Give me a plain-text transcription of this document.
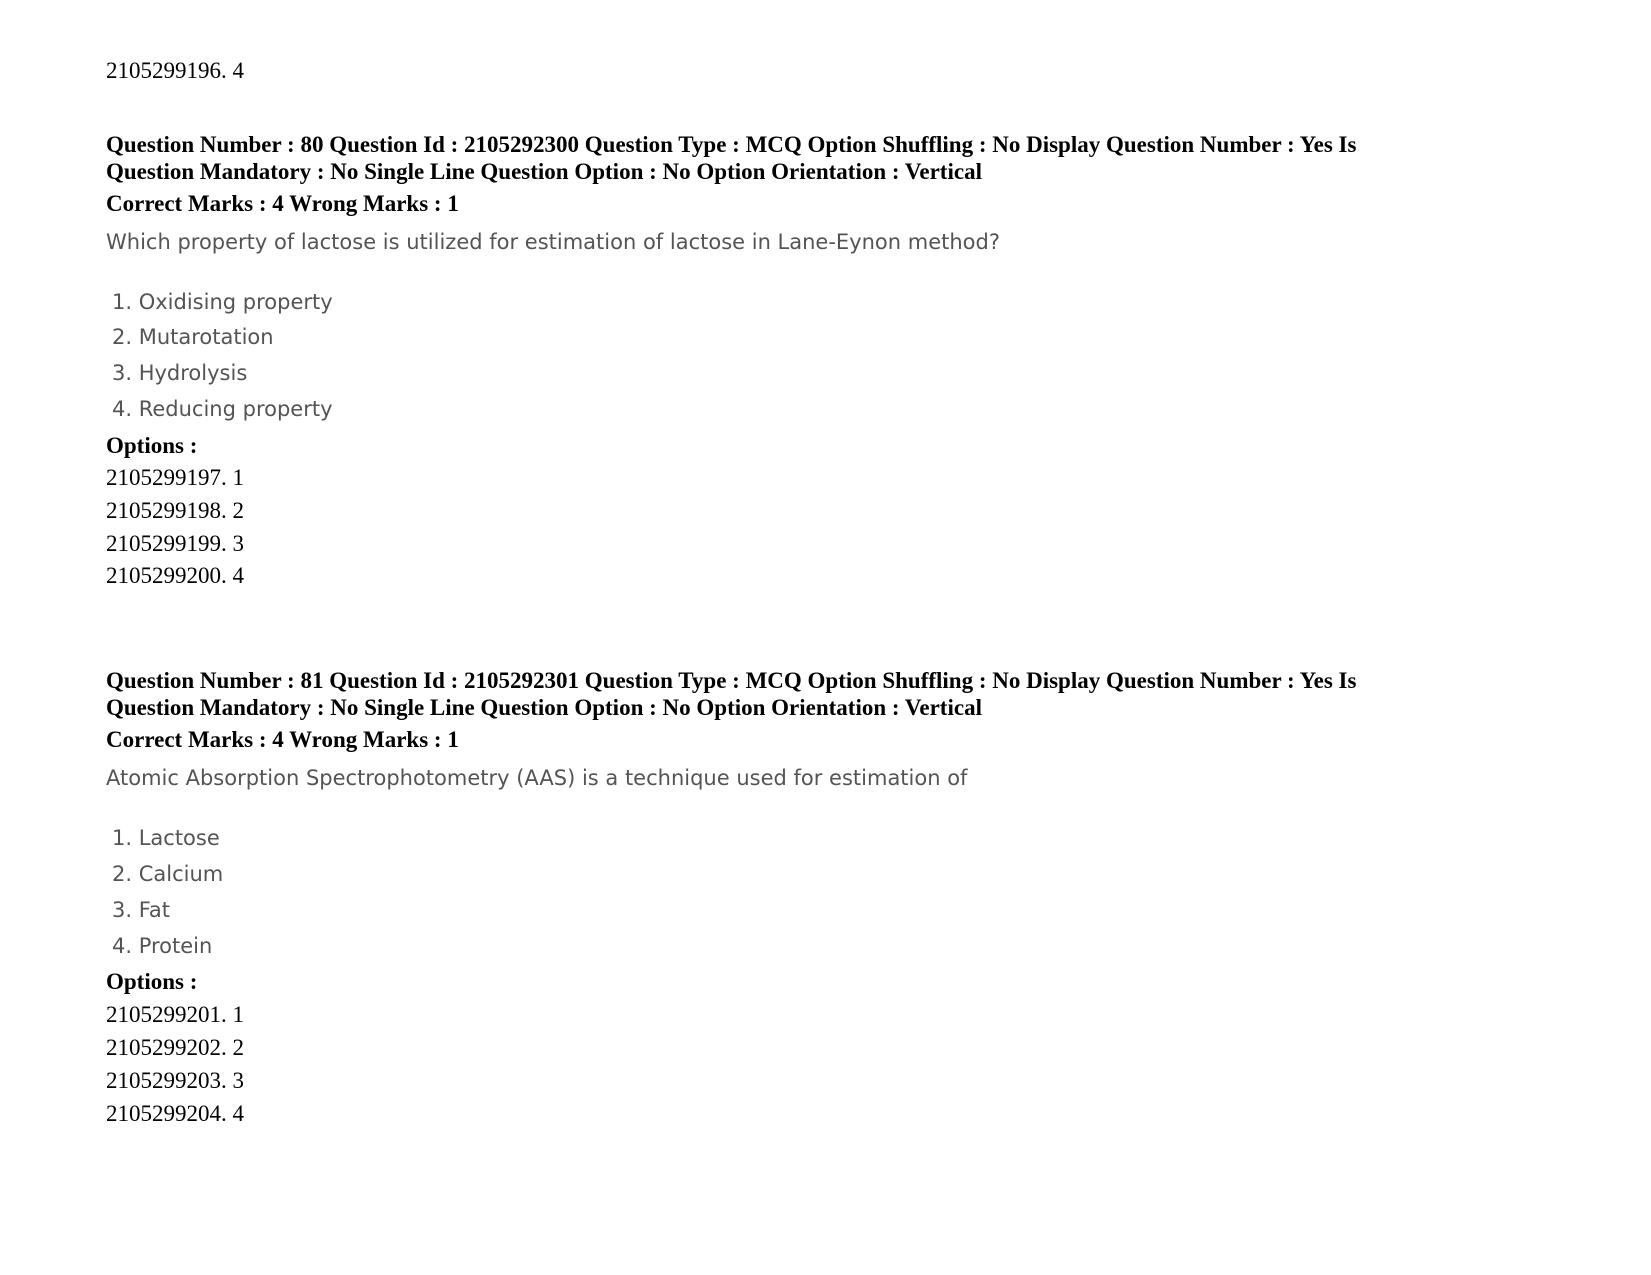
2105299196. 4
Question Number : 80 Question Id : 2105292300 Question Type : MCQ Option Shuffling : No Display Question Number : Yes Is
Question Mandatory : No Single Line Question Option : No Option Orientation : Vertical
Correct Marks : 4 Wrong Marks : 1
Which property of lactose is utilized for estimation of lactose in Lane-Eynon method?
1. Oxidising property
2. Mutarotation
3. Hydrolysis
4. Reducing property
Options :
2105299197. 1
2105299198. 2
2105299199. 3
2105299200. 4
Question Number : 81 Question Id : 2105292301 Question Type : MCQ Option Shuffling : No Display Question Number : Yes Is
Question Mandatory : No Single Line Question Option : No Option Orientation : Vertical
Correct Marks : 4 Wrong Marks : 1
Atomic Absorption Spectrophotometry (AAS) is a technique used for estimation of
1. Lactose
2. Calcium
3. Fat
4. Protein
Options :
2105299201. 1
2105299202. 2
2105299203. 3
2105299204. 4
